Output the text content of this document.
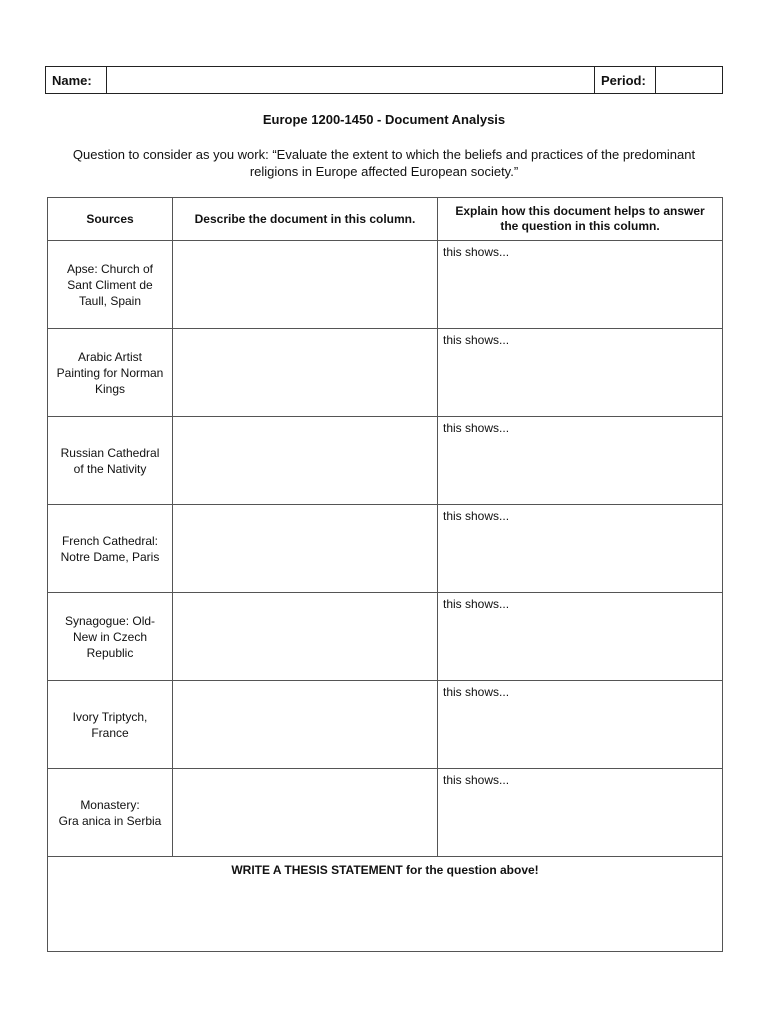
Name:		Period:	
Europe 1200-1450 - Document Analysis
Question to consider as you work: “Evaluate the extent to which the beliefs and practices of the predominant
religions in Europe affected European society.”
Sources	Describe the document in this column.	Explain how this document helps to answer the question in this column.

Apse: Church of
Sant Climent de
Taull, Spain		this shows...

Arabic Artist
Painting for Norman
Kings		this shows...

Russian Cathedral
of the Nativity		this shows...

French Cathedral:
Notre Dame, Paris		this shows...

Synagogue: Old-
New in Czech
Republic		this shows...

Ivory Triptych,
France		this shows...

Monastery:
Gra anica in Serbia		this shows...
WRITE A THESIS STATEMENT for the question above!		
